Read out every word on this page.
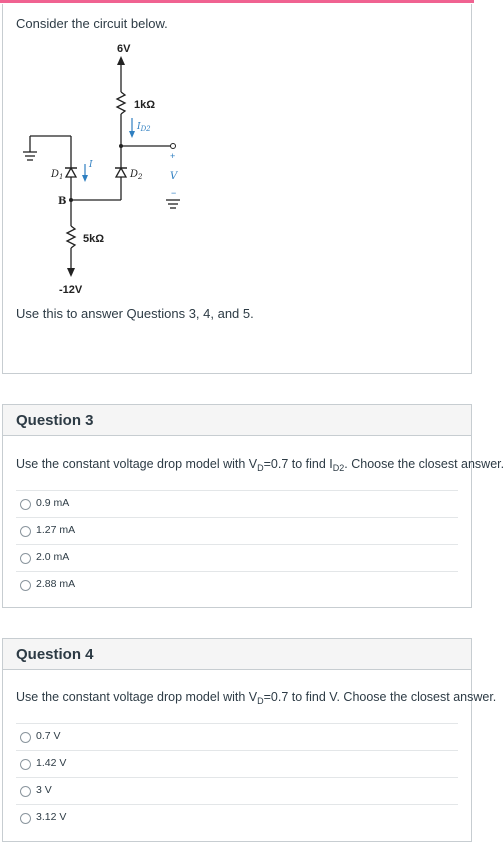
Consider the circuit below.
6V
1kΩ
$I_{D2}$
+
V
−
$D_2$
$D_1$
I
B
5kΩ
-12V
Use this to answer Questions 3, 4, and 5.
Question 3
Use the constant voltage drop model with $V_D=0.7$ to find $I_{D2}$. Choose the closest answer.
0.9 mA
1.27 mA
2.0 mA
2.88 mA
Question 4
Use the constant voltage drop model with $V_D=0.7$ to find V. Choose the closest answer.
0.7 V
1.42 V
3 V
3.12 V
